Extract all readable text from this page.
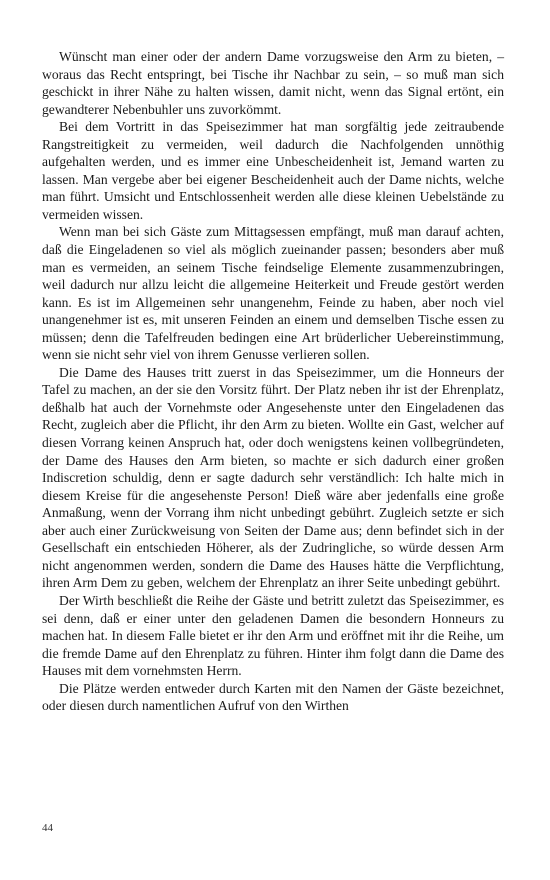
Wünscht man einer oder der andern Dame vorzugsweise den Arm zu bieten, – woraus das Recht entspringt, bei Tische ihr Nachbar zu sein, – so muß man sich geschickt in ihrer Nähe zu halten wissen, damit nicht, wenn das Signal ertönt, ein gewandterer Nebenbuhler uns zuvorkömmt.

Bei dem Vortritt in das Speisezimmer hat man sorgfältig jede zeitraubende Rangstreitigkeit zu vermeiden, weil dadurch die Nachfolgenden unnöthig aufgehalten werden, und es immer eine Unbescheidenheit ist, Jemand warten zu lassen. Man vergebe aber bei eigener Bescheidenheit auch der Dame nichts, welche man führt. Umsicht und Entschlossenheit werden alle diese kleinen Uebelstände zu vermeiden wissen.

Wenn man bei sich Gäste zum Mittagsessen empfängt, muß man darauf achten, daß die Eingeladenen so viel als möglich zueinander passen; besonders aber muß man es vermeiden, an seinem Tische feindselige Elemente zusammenzubringen, weil dadurch nur allzu leicht die allgemeine Heiterkeit und Freude gestört werden kann. Es ist im Allgemeinen sehr unangenehm, Feinde zu haben, aber noch viel unangenehmer ist es, mit unseren Feinden an einem und demselben Tische essen zu müssen; denn die Tafelfreuden bedingen eine Art brüderlicher Uebereinstimmung, wenn sie nicht sehr viel von ihrem Genusse verlieren sollen.

Die Dame des Hauses tritt zuerst in das Speisezimmer, um die Honneurs der Tafel zu machen, an der sie den Vorsitz führt. Der Platz neben ihr ist der Ehrenplatz, deßhalb hat auch der Vornehmste oder Angesehenste unter den Eingeladenen das Recht, zugleich aber die Pflicht, ihr den Arm zu bieten. Wollte ein Gast, welcher auf diesen Vorrang keinen Anspruch hat, oder doch wenigstens keinen vollbegründeten, der Dame des Hauses den Arm bieten, so machte er sich dadurch einer großen Indiscretion schuldig, denn er sagte dadurch sehr verständlich: Ich halte mich in diesem Kreise für die angesehenste Person! Dieß wäre aber jedenfalls eine große Anmaßung, wenn der Vorrang ihm nicht unbedingt gebührt. Zugleich setzte er sich aber auch einer Zurückweisung von Seiten der Dame aus; denn befindet sich in der Gesellschaft ein entschieden Höherer, als der Zudringliche, so würde dessen Arm nicht angenommen werden, sondern die Dame des Hauses hätte die Verpflichtung, ihren Arm Dem zu geben, welchem der Ehrenplatz an ihrer Seite unbedingt gebührt.

Der Wirth beschließt die Reihe der Gäste und betritt zuletzt das Speisezimmer, es sei denn, daß er einer unter den geladenen Damen die besondern Honneurs zu machen hat. In diesem Falle bietet er ihr den Arm und eröffnet mit ihr die Reihe, um die fremde Dame auf den Ehrenplatz zu führen. Hinter ihm folgt dann die Dame des Hauses mit dem vornehmsten Herrn.

Die Plätze werden entweder durch Karten mit den Namen der Gäste bezeichnet, oder diesen durch namentlichen Aufruf von den Wirthen

44
